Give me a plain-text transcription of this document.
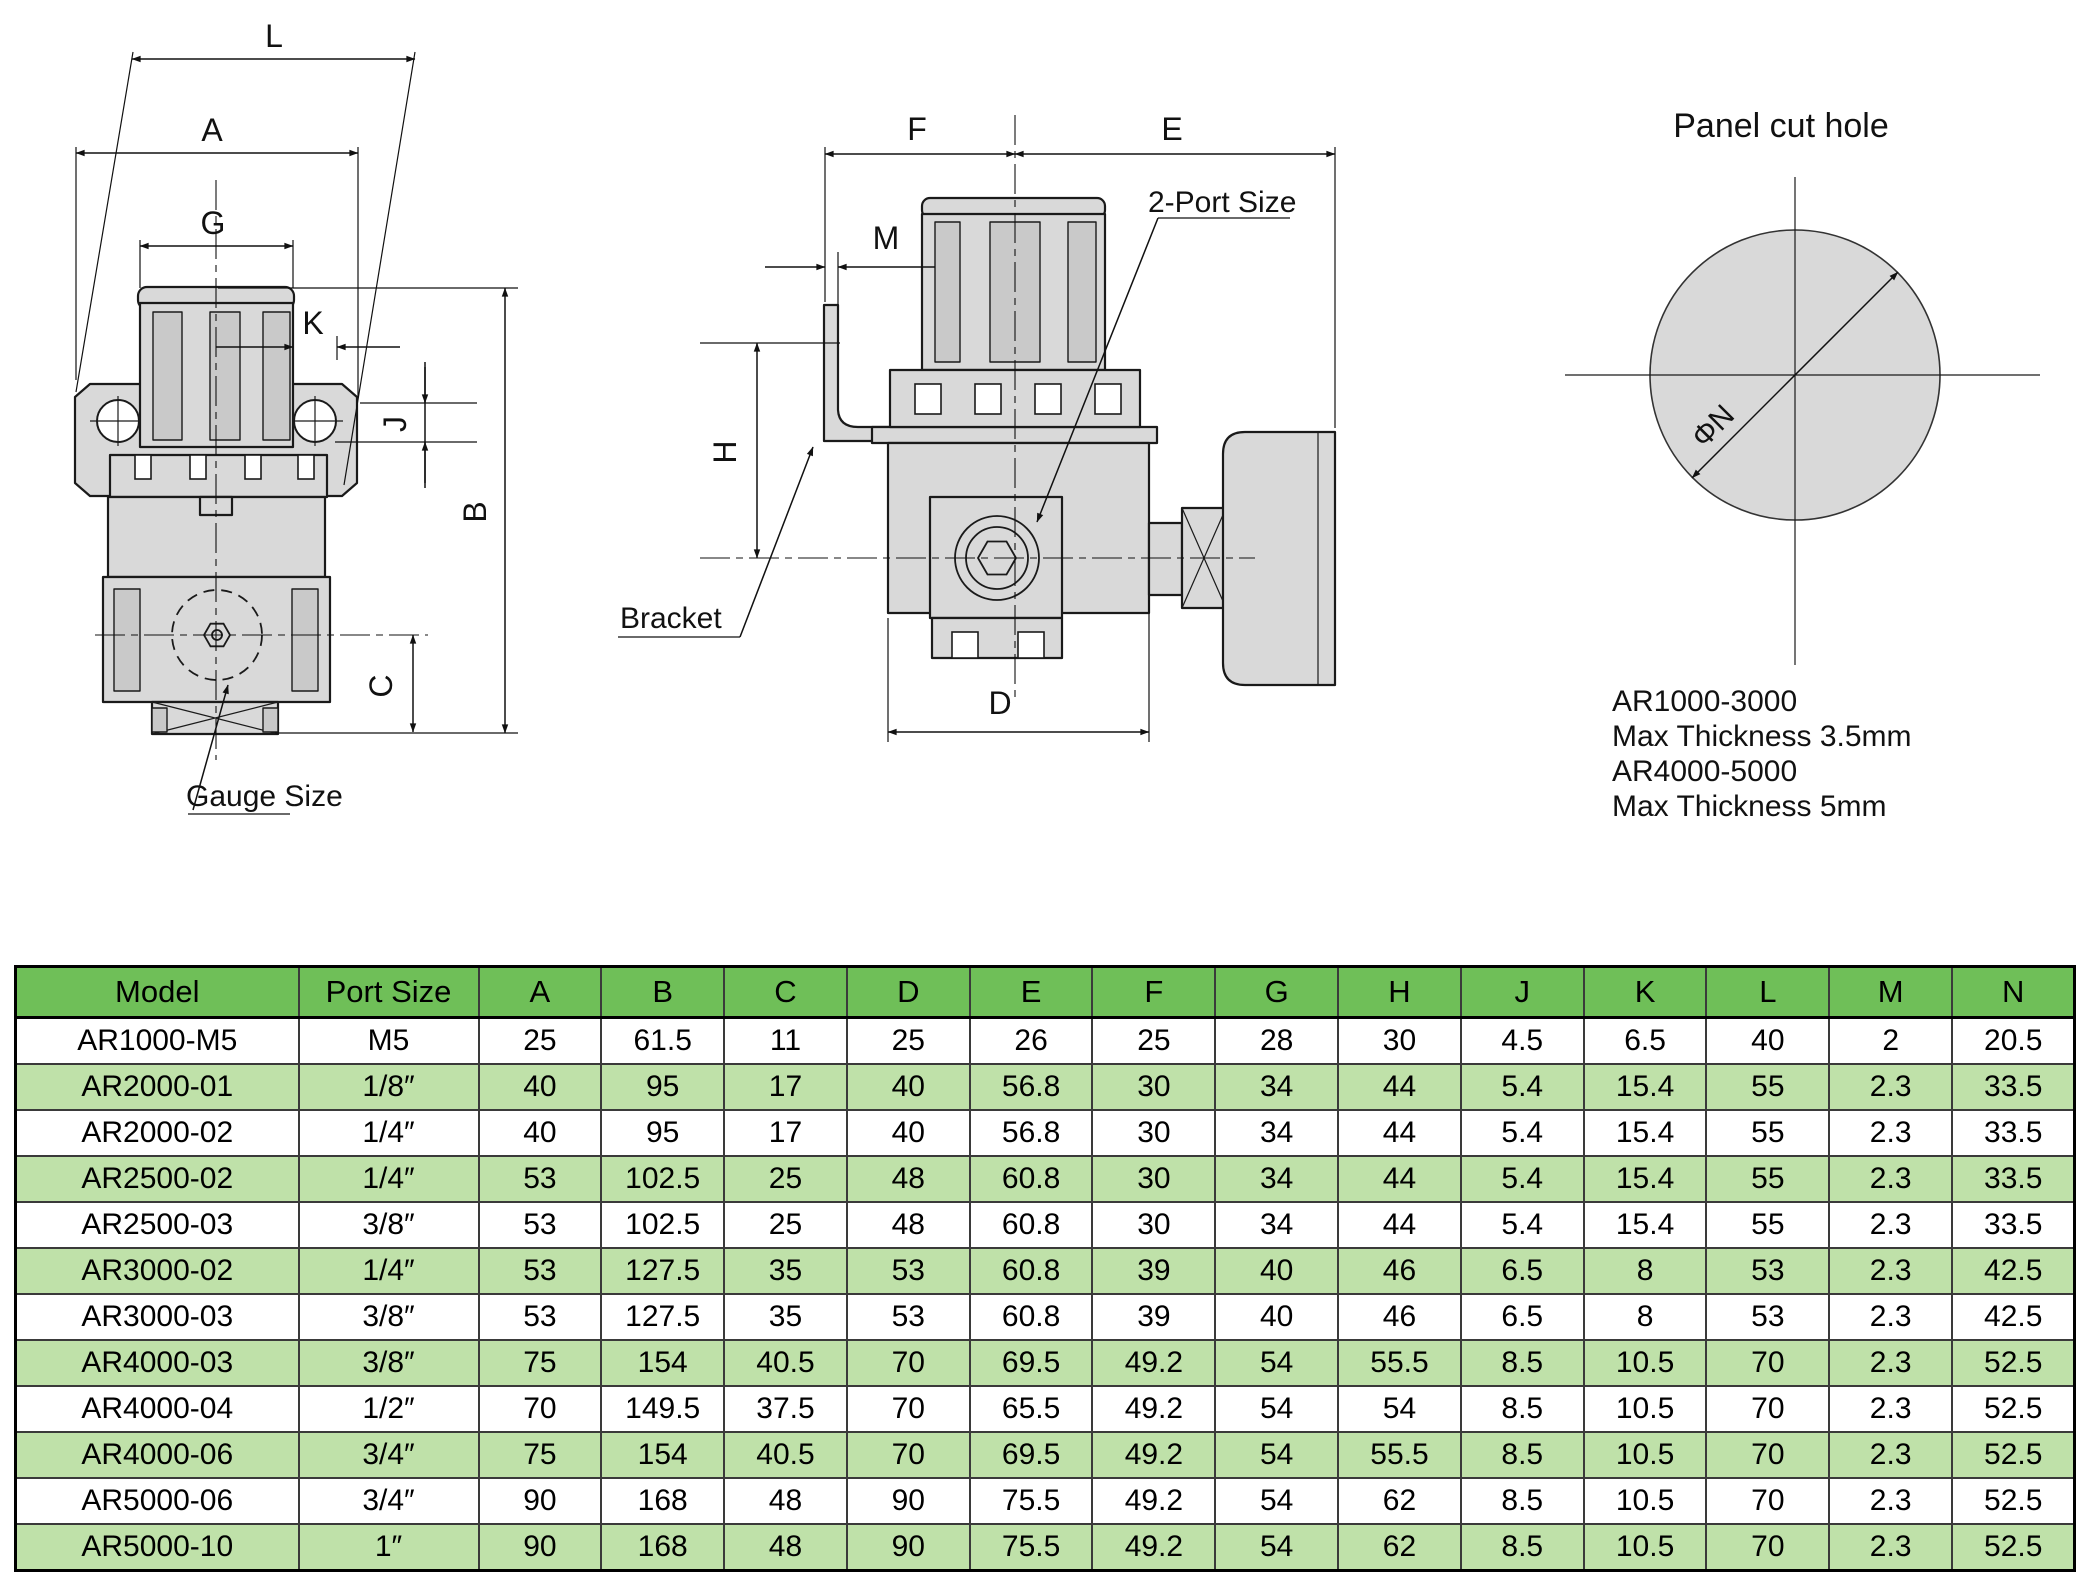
L
A
G
K
J
B
C
Gauge Size
F	E
M
H
D
Bracket
2-Port Size
Panel cut hole
ΦN
AR1000-3000
Max Thickness 3.5mm
AR4000-5000
Max Thickness 5mm
Model	Port Size	A	B	C	D	E	F	G	H	J	K	L	M	N
AR1000-M5	M5	25	61.5	11	25	26	25	28	30	4.5	6.5	40	2	20.5
AR2000-01	1/8″	40	95	17	40	56.8	30	34	44	5.4	15.4	55	2.3	33.5
AR2000-02	1/4″	40	95	17	40	56.8	30	34	44	5.4	15.4	55	2.3	33.5
AR2500-02	1/4″	53	102.5	25	48	60.8	30	34	44	5.4	15.4	55	2.3	33.5
AR2500-03	3/8″	53	102.5	25	48	60.8	30	34	44	5.4	15.4	55	2.3	33.5
AR3000-02	1/4″	53	127.5	35	53	60.8	39	40	46	6.5	8	53	2.3	42.5
AR3000-03	3/8″	53	127.5	35	53	60.8	39	40	46	6.5	8	53	2.3	42.5
AR4000-03	3/8″	75	154	40.5	70	69.5	49.2	54	55.5	8.5	10.5	70	2.3	52.5
AR4000-04	1/2″	70	149.5	37.5	70	65.5	49.2	54	54	8.5	10.5	70	2.3	52.5
AR4000-06	3/4″	75	154	40.5	70	69.5	49.2	54	55.5	8.5	10.5	70	2.3	52.5
AR5000-06	3/4″	90	168	48	90	75.5	49.2	54	62	8.5	10.5	70	2.3	52.5
AR5000-10	1″	90	168	48	90	75.5	49.2	54	62	8.5	10.5	70	2.3	52.5
